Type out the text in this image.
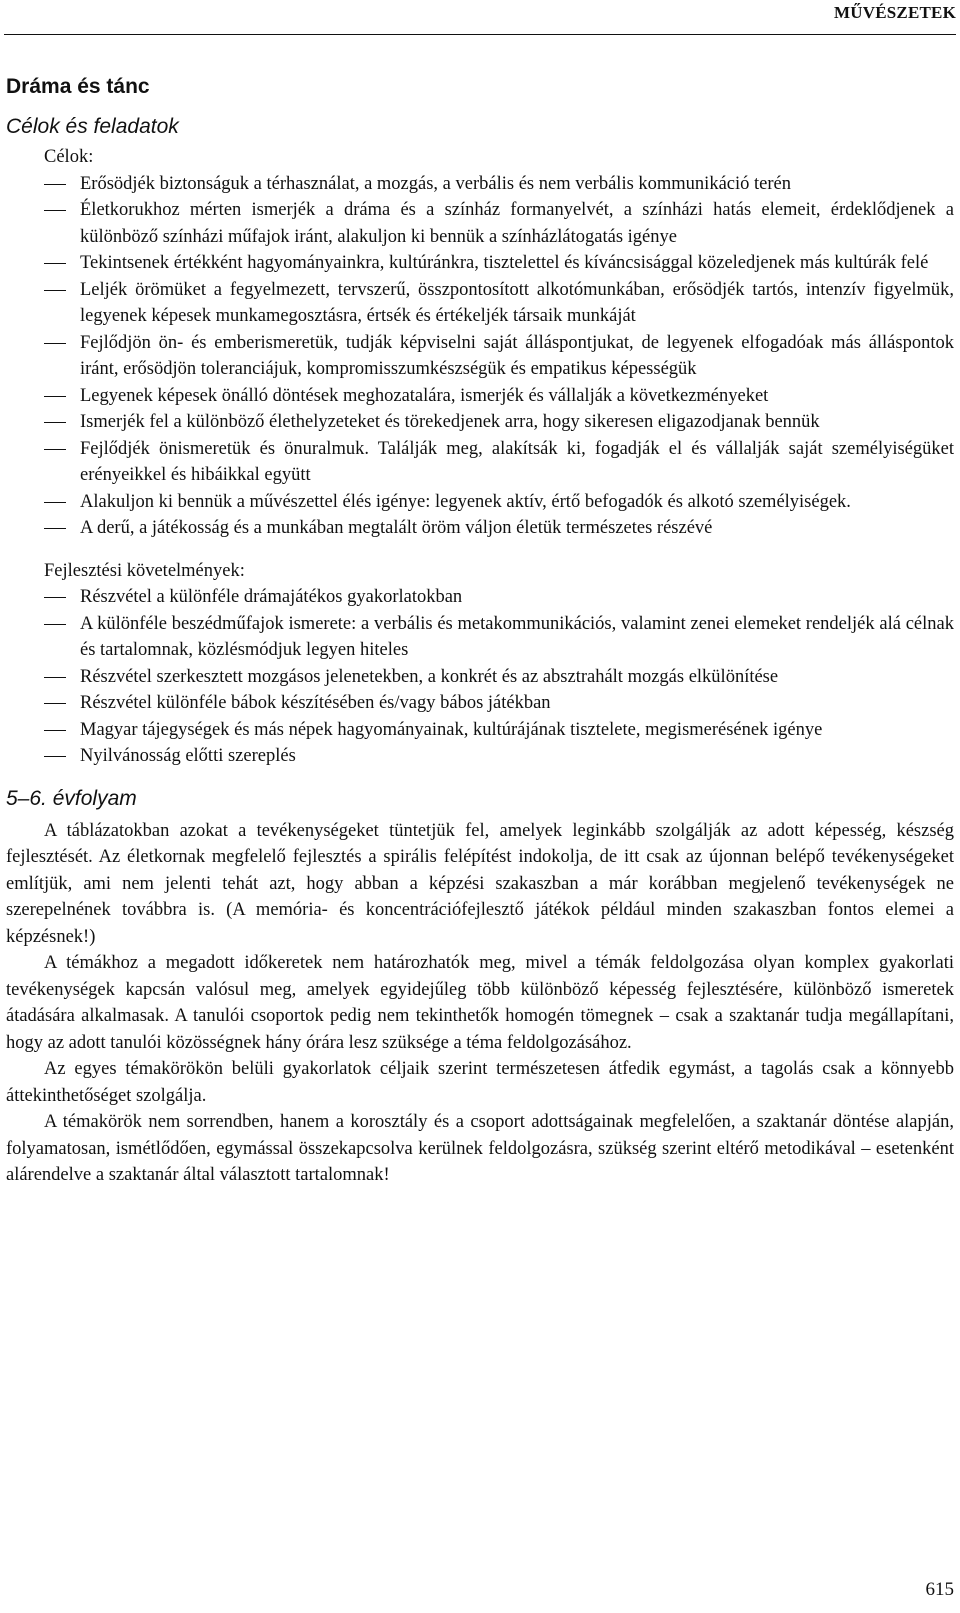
MŰVÉSZETEK
Dráma és tánc
Célok és feladatok

Célok:

Erősödjék biztonságuk a térhasználat, a mozgás, a verbális és nem verbális kommunikáció terén
Életkorukhoz mérten ismerjék a dráma és a színház formanyelvét, a színházi hatás elemeit, érdeklődjenek a különböző színházi műfajok iránt, alakuljon ki bennük a színházlátogatás igénye
Tekintsenek értékként hagyományainkra, kultúránkra, tisztelettel és kíváncsisággal közeledjenek más kultúrák felé
Leljék örömüket a fegyelmezett, tervszerű, összpontosított alkotómunkában, erősödjék tartós, intenzív figyelmük, legyenek képesek munkamegosztásra, értsék és értékeljék társaik munkáját
Fejlődjön ön- és emberismeretük, tudják képviselni saját álláspontjukat, de legyenek elfogadóak más álláspontok iránt, erősödjön toleranciájuk, kompromisszumkészségük és empatikus képességük
Legyenek képesek önálló döntések meghozatalára, ismerjék és vállalják a következményeket
Ismerjék fel a különböző élethelyzeteket és törekedjenek arra, hogy sikeresen eligazodjanak bennük
Fejlődjék önismeretük és önuralmuk. Találják meg, alakítsák ki, fogadják el és vállalják saját személyiségüket erényeikkel és hibáikkal együtt
Alakuljon ki bennük a művészettel élés igénye: legyenek aktív, értő befogadók és alkotó személyiségek.
A derű, a játékosság és a munkában megtalált öröm váljon életük természetes részévé

Fejlesztési követelmények:

Részvétel a különféle drámajátékos gyakorlatokban
A különféle beszédműfajok ismerete: a verbális és metakommunikációs, valamint zenei elemeket rendeljék alá célnak és tartalomnak, közlésmódjuk legyen hiteles
Részvétel szerkesztett mozgásos jelenetekben, a konkrét és az absztrahált mozgás elkülönítése
Részvétel különféle bábok készítésében és/vagy bábos játékban
Magyar tájegységek és más népek hagyományainak, kultúrájának tisztelete, megismerésének igénye
Nyilvánosság előtti szereplés
5–6. évfolyam

A táblázatokban azokat a tevékenységeket tüntetjük fel, amelyek leginkább szolgálják az adott képesség, készség fejlesztését. Az életkornak megfelelő fejlesztés a spirális felépítést indokolja, de itt csak az újonnan belépő tevékenységeket említjük, ami nem jelenti tehát azt, hogy abban a képzési szakaszban a már korábban megjelenő tevékenységek ne szerepelnének továbbra is. (A memória- és koncentrációfejlesztő játékok például minden szakaszban fontos elemei a képzésnek!)

A témákhoz a megadott időkeretek nem határozhatók meg, mivel a témák feldolgozása olyan komplex gyakorlati tevékenységek kapcsán valósul meg, amelyek egyidejűleg több különböző képesség fejlesztésére, különböző ismeretek átadására alkalmasak. A tanulói csoportok pedig nem tekinthetők homogén tömegnek – csak a szaktanár tudja megállapítani, hogy az adott tanulói közösségnek hány órára lesz szüksége a téma feldolgozásához.

Az egyes témakörökön belüli gyakorlatok céljaik szerint természetesen átfedik egymást, a tagolás csak a könnyebb áttekinthetőséget szolgálja.

A témakörök nem sorrendben, hanem a korosztály és a csoport adottságainak megfelelően, a szaktanár döntése alapján, folyamatosan, ismétlődően, egymással összekapcsolva kerülnek feldolgozásra, szükség szerint eltérő metodikával – esetenként alárendelve a szaktanár által választott tartalomnak!

615
